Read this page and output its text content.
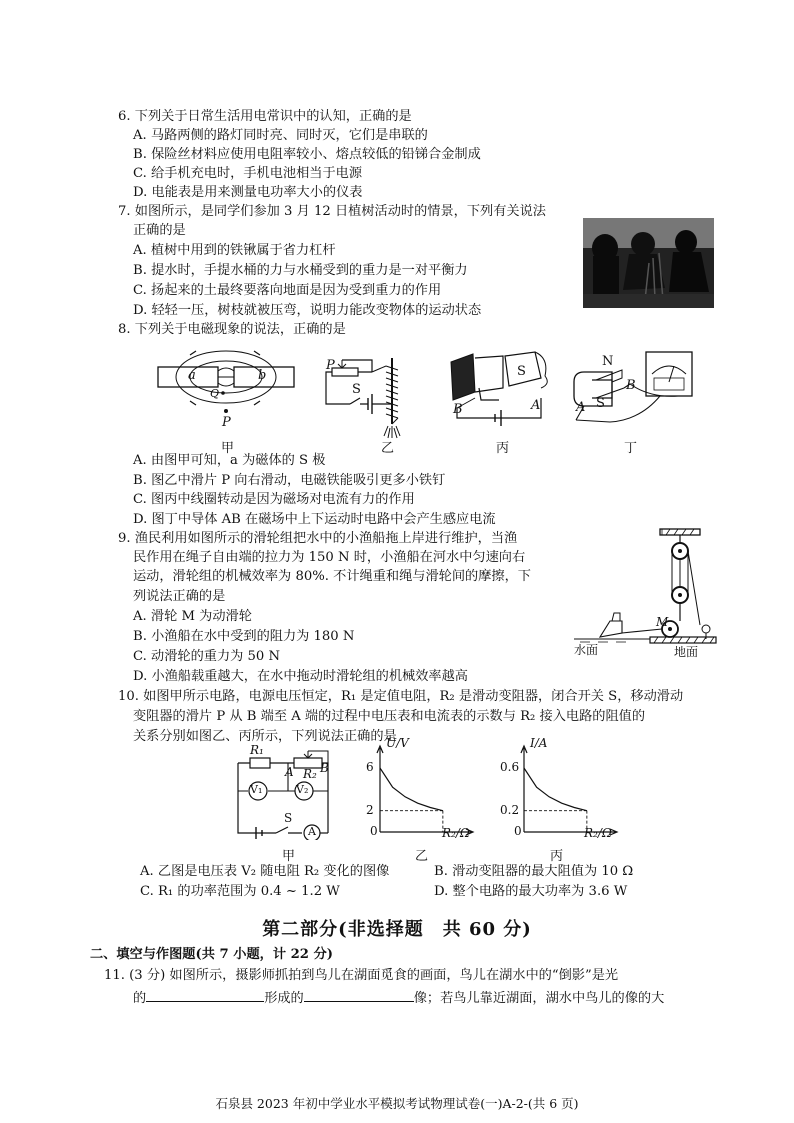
6. 下列关于日常生活用电常识中的认知，正确的是
A. 马路两侧的路灯同时亮、同时灭，它们是串联的
B. 保险丝材料应使用电阻率较小、熔点较低的铅锑合金制成
C. 给手机充电时，手机电池相当于电源
D. 电能表是用来测量电功率大小的仪表
7. 如图所示，是同学们参加 3 月 12 日植树活动时的情景，下列有关说法
正确的是
A. 植树中用到的铁锹属于省力杠杆
B. 提水时，手提水桶的力与水桶受到的重力是一对平衡力
C. 扬起来的土最终要落向地面是因为受到重力的作用
D. 轻轻一压，树枝就被压弯，说明力能改变物体的运动状态
8. 下列关于电磁现象的说法，正确的是
a	b
Q
P
甲
P
S
乙
S
B	A
丙
N
S
A
B
丁
A. 由图甲可知，a 为磁体的 S 极
B. 图乙中滑片 P 向右滑动，电磁铁能吸引更多小铁钉
C. 图丙中线圈转动是因为磁场对电流有力的作用
D. 图丁中导体 AB 在磁场中上下运动时电路中会产生感应电流
9. 渔民利用如图所示的滑轮组把水中的小渔船拖上岸进行维护，当渔
民作用在绳子自由端的拉力为 150 N 时，小渔船在河水中匀速向右
运动，滑轮组的机械效率为 80%. 不计绳重和绳与滑轮间的摩擦，下
列说法正确的是
A. 滑轮 M 为动滑轮
B. 小渔船在水中受到的阻力为 180 N
C. 动滑轮的重力为 50 N
D. 小渔船载重越大，在水中拖动时滑轮组的机械效率越高
M
水面	地面
10. 如图甲所示电路，电源电压恒定，R₁ 是定值电阻，R₂ 是滑动变阻器，闭合开关 S，移动滑动
变阻器的滑片 P 从 B 端至 A 端的过程中电压表和电流表的示数与 R₂ 接入电路的阻值的
关系分别如图乙、丙所示，下列说法正确的是
R₁
A R₂ B
V₁	V₂
S
A
甲
U/V
6
2
0	R₂/Ω
乙
I/A
0.6
0.2
0	R₂/Ω
丙
A. 乙图是电压表 V₂ 随电阻 R₂ 变化的图像	B. 滑动变阻器的最大阻值为 10 Ω
C. R₁ 的功率范围为 0.4 ~ 1.2 W	D. 整个电路的最大功率为 3.6 W
第二部分(非选择题　共 60 分)
二、填空与作图题(共 7 小题，计 22 分)
11. (3 分) 如图所示，摄影师抓拍到鸟儿在湖面觅食的画面，鸟儿在湖水中的“倒影”是光
的	形成的	像；若鸟儿靠近湖面，湖水中鸟儿的像的大
石泉县 2023 年初中学业水平模拟考试物理试卷(一)A-2-(共 6 页)
